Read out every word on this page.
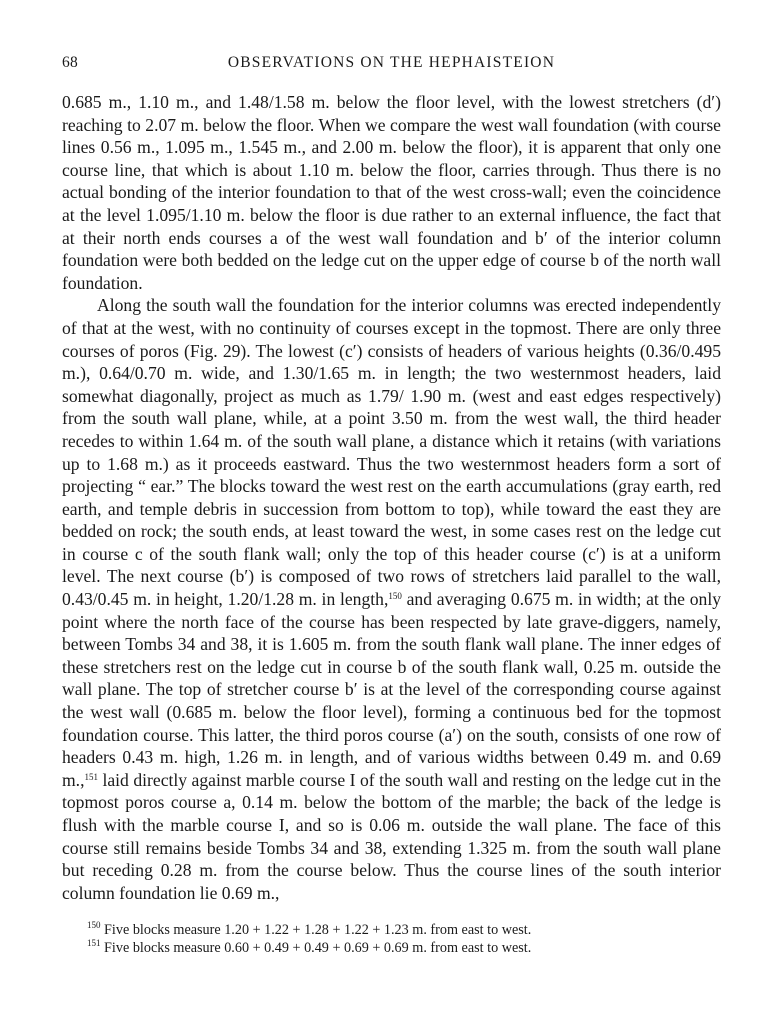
68	OBSERVATIONS ON THE HEPHAISTEION

0.685 m., 1.10 m., and 1.48/1.58 m. below the floor level, with the lowest stretchers (d′) reaching to 2.07 m. below the floor. When we compare the west wall foundation (with course lines 0.56 m., 1.095 m., 1.545 m., and 2.00 m. below the floor), it is apparent that only one course line, that which is about 1.10 m. below the floor, carries through. Thus there is no actual bonding of the interior foundation to that of the west cross-wall; even the coincidence at the level 1.095/1.10 m. below the floor is due rather to an external influence, the fact that at their north ends courses a of the west wall foundation and b′ of the interior column foundation were both bedded on the ledge cut on the upper edge of course b of the north wall foundation.

Along the south wall the foundation for the interior columns was erected independently of that at the west, with no continuity of courses except in the topmost. There are only three courses of poros (Fig. 29). The lowest (c′) consists of headers of various heights (0.36/0.495 m.), 0.64/0.70 m. wide, and 1.30/1.65 m. in length; the two westernmost headers, laid somewhat diagonally, project as much as 1.79/ 1.90 m. (west and east edges respectively) from the south wall plane, while, at a point 3.50 m. from the west wall, the third header recedes to within 1.64 m. of the south wall plane, a distance which it retains (with variations up to 1.68 m.) as it proceeds eastward. Thus the two westernmost headers form a sort of projecting “ ear.” The blocks toward the west rest on the earth accumulations (gray earth, red earth, and temple debris in succession from bottom to top), while toward the east they are bedded on rock; the south ends, at least toward the west, in some cases rest on the ledge cut in course c of the south flank wall; only the top of this header course (c′) is at a uniform level. The next course (b′) is composed of two rows of stretchers laid parallel to the wall, 0.43/0.45 m. in height, 1.20/1.28 m. in length,$^{150}$ and averaging 0.675 m. in width; at the only point where the north face of the course has been respected by late grave-diggers, namely, between Tombs 34 and 38, it is 1.605 m. from the south flank wall plane. The inner edges of these stretchers rest on the ledge cut in course b of the south flank wall, 0.25 m. outside the wall plane. The top of stretcher course b′ is at the level of the corresponding course against the west wall (0.685 m. below the floor level), forming a continuous bed for the topmost foundation course. This latter, the third poros course (a′) on the south, consists of one row of headers 0.43 m. high, 1.26 m. in length, and of various widths between 0.49 m. and 0.69 m.,$^{151}$ laid directly against marble course I of the south wall and resting on the ledge cut in the topmost poros course a, 0.14 m. below the bottom of the marble; the back of the ledge is flush with the marble course I, and so is 0.06 m. outside the wall plane. The face of this course still remains beside Tombs 34 and 38, extending 1.325 m. from the south wall plane but receding 0.28 m. from the course below. Thus the course lines of the south interior column foundation lie 0.69 m.,

$^{150}$ Five blocks measure 1.20 + 1.22 + 1.28 + 1.22 + 1.23 m. from east to west.
$^{151}$ Five blocks measure 0.60 + 0.49 + 0.49 + 0.69 + 0.69 m. from east to west.
